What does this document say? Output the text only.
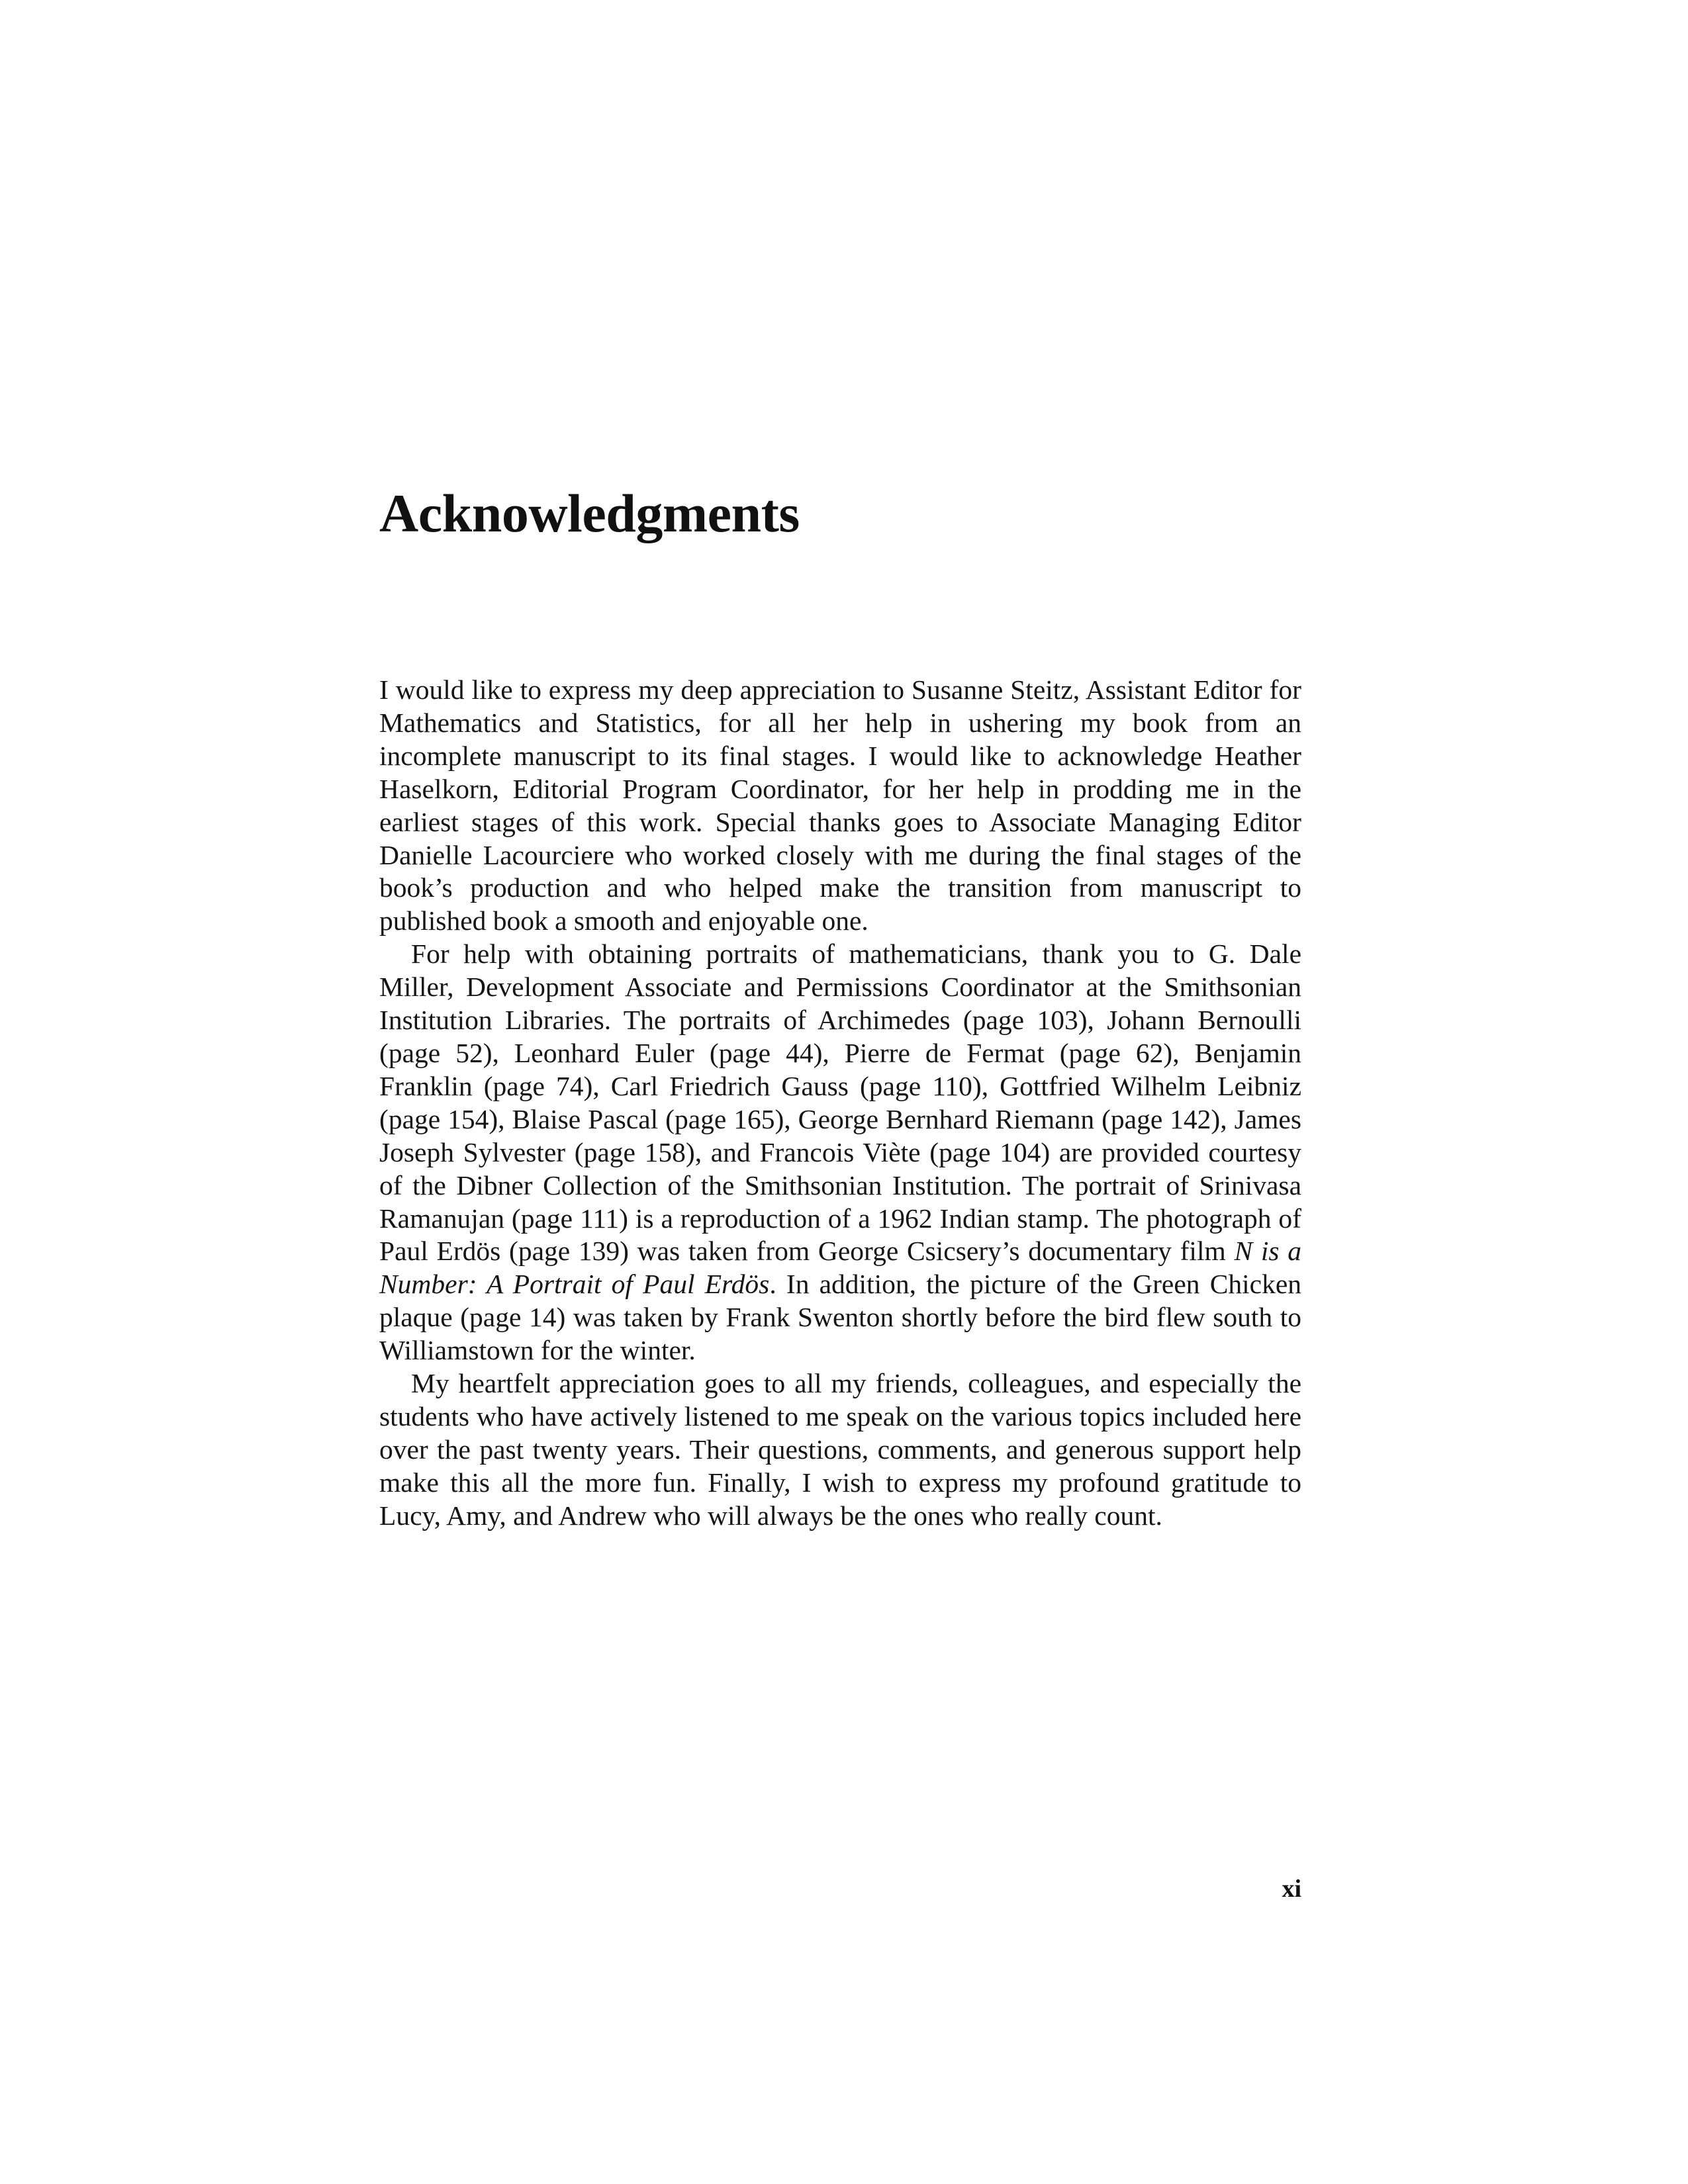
Acknowledgments

I would like to express my deep appreciation to Susanne Steitz, Assistant Editor for Mathematics and Statistics, for all her help in ushering my book from an incomplete manuscript to its final stages. I would like to acknowledge Heather Haselkorn, Editorial Program Coordinator, for her help in prodding me in the earliest stages of this work. Special thanks goes to Associate Managing Editor Danielle Lacourciere who worked closely with me during the final stages of the book’s production and who helped make the transition from manuscript to published book a smooth and enjoyable one.

For help with obtaining portraits of mathematicians, thank you to G. Dale Miller, Development Associate and Permissions Coordinator at the Smithsonian Institution Libraries. The portraits of Archimedes (page 103), Johann Bernoulli (page 52), Leonhard Euler (page 44), Pierre de Fermat (page 62), Benjamin Franklin (page 74), Carl Friedrich Gauss (page 110), Gottfried Wilhelm Leibniz (page 154), Blaise Pascal (page 165), George Bernhard Riemann (page 142), James Joseph Sylvester (page 158), and Francois Viète (page 104) are provided courtesy of the Dibner Collection of the Smithsonian Institution. The portrait of Srinivasa Ramanujan (page 111) is a reproduction of a 1962 Indian stamp. The photograph of Paul Erdös (page 139) was taken from George Csicsery’s documentary film N is a Number: A Portrait of Paul Erdös. In addition, the picture of the Green Chicken plaque (page 14) was taken by Frank Swenton shortly before the bird flew south to Williamstown for the winter.

My heartfelt appreciation goes to all my friends, colleagues, and especially the students who have actively listened to me speak on the various topics included here over the past twenty years. Their questions, comments, and generous support help make this all the more fun. Finally, I wish to express my profound gratitude to Lucy, Amy, and Andrew who will always be the ones who really count.

xi
